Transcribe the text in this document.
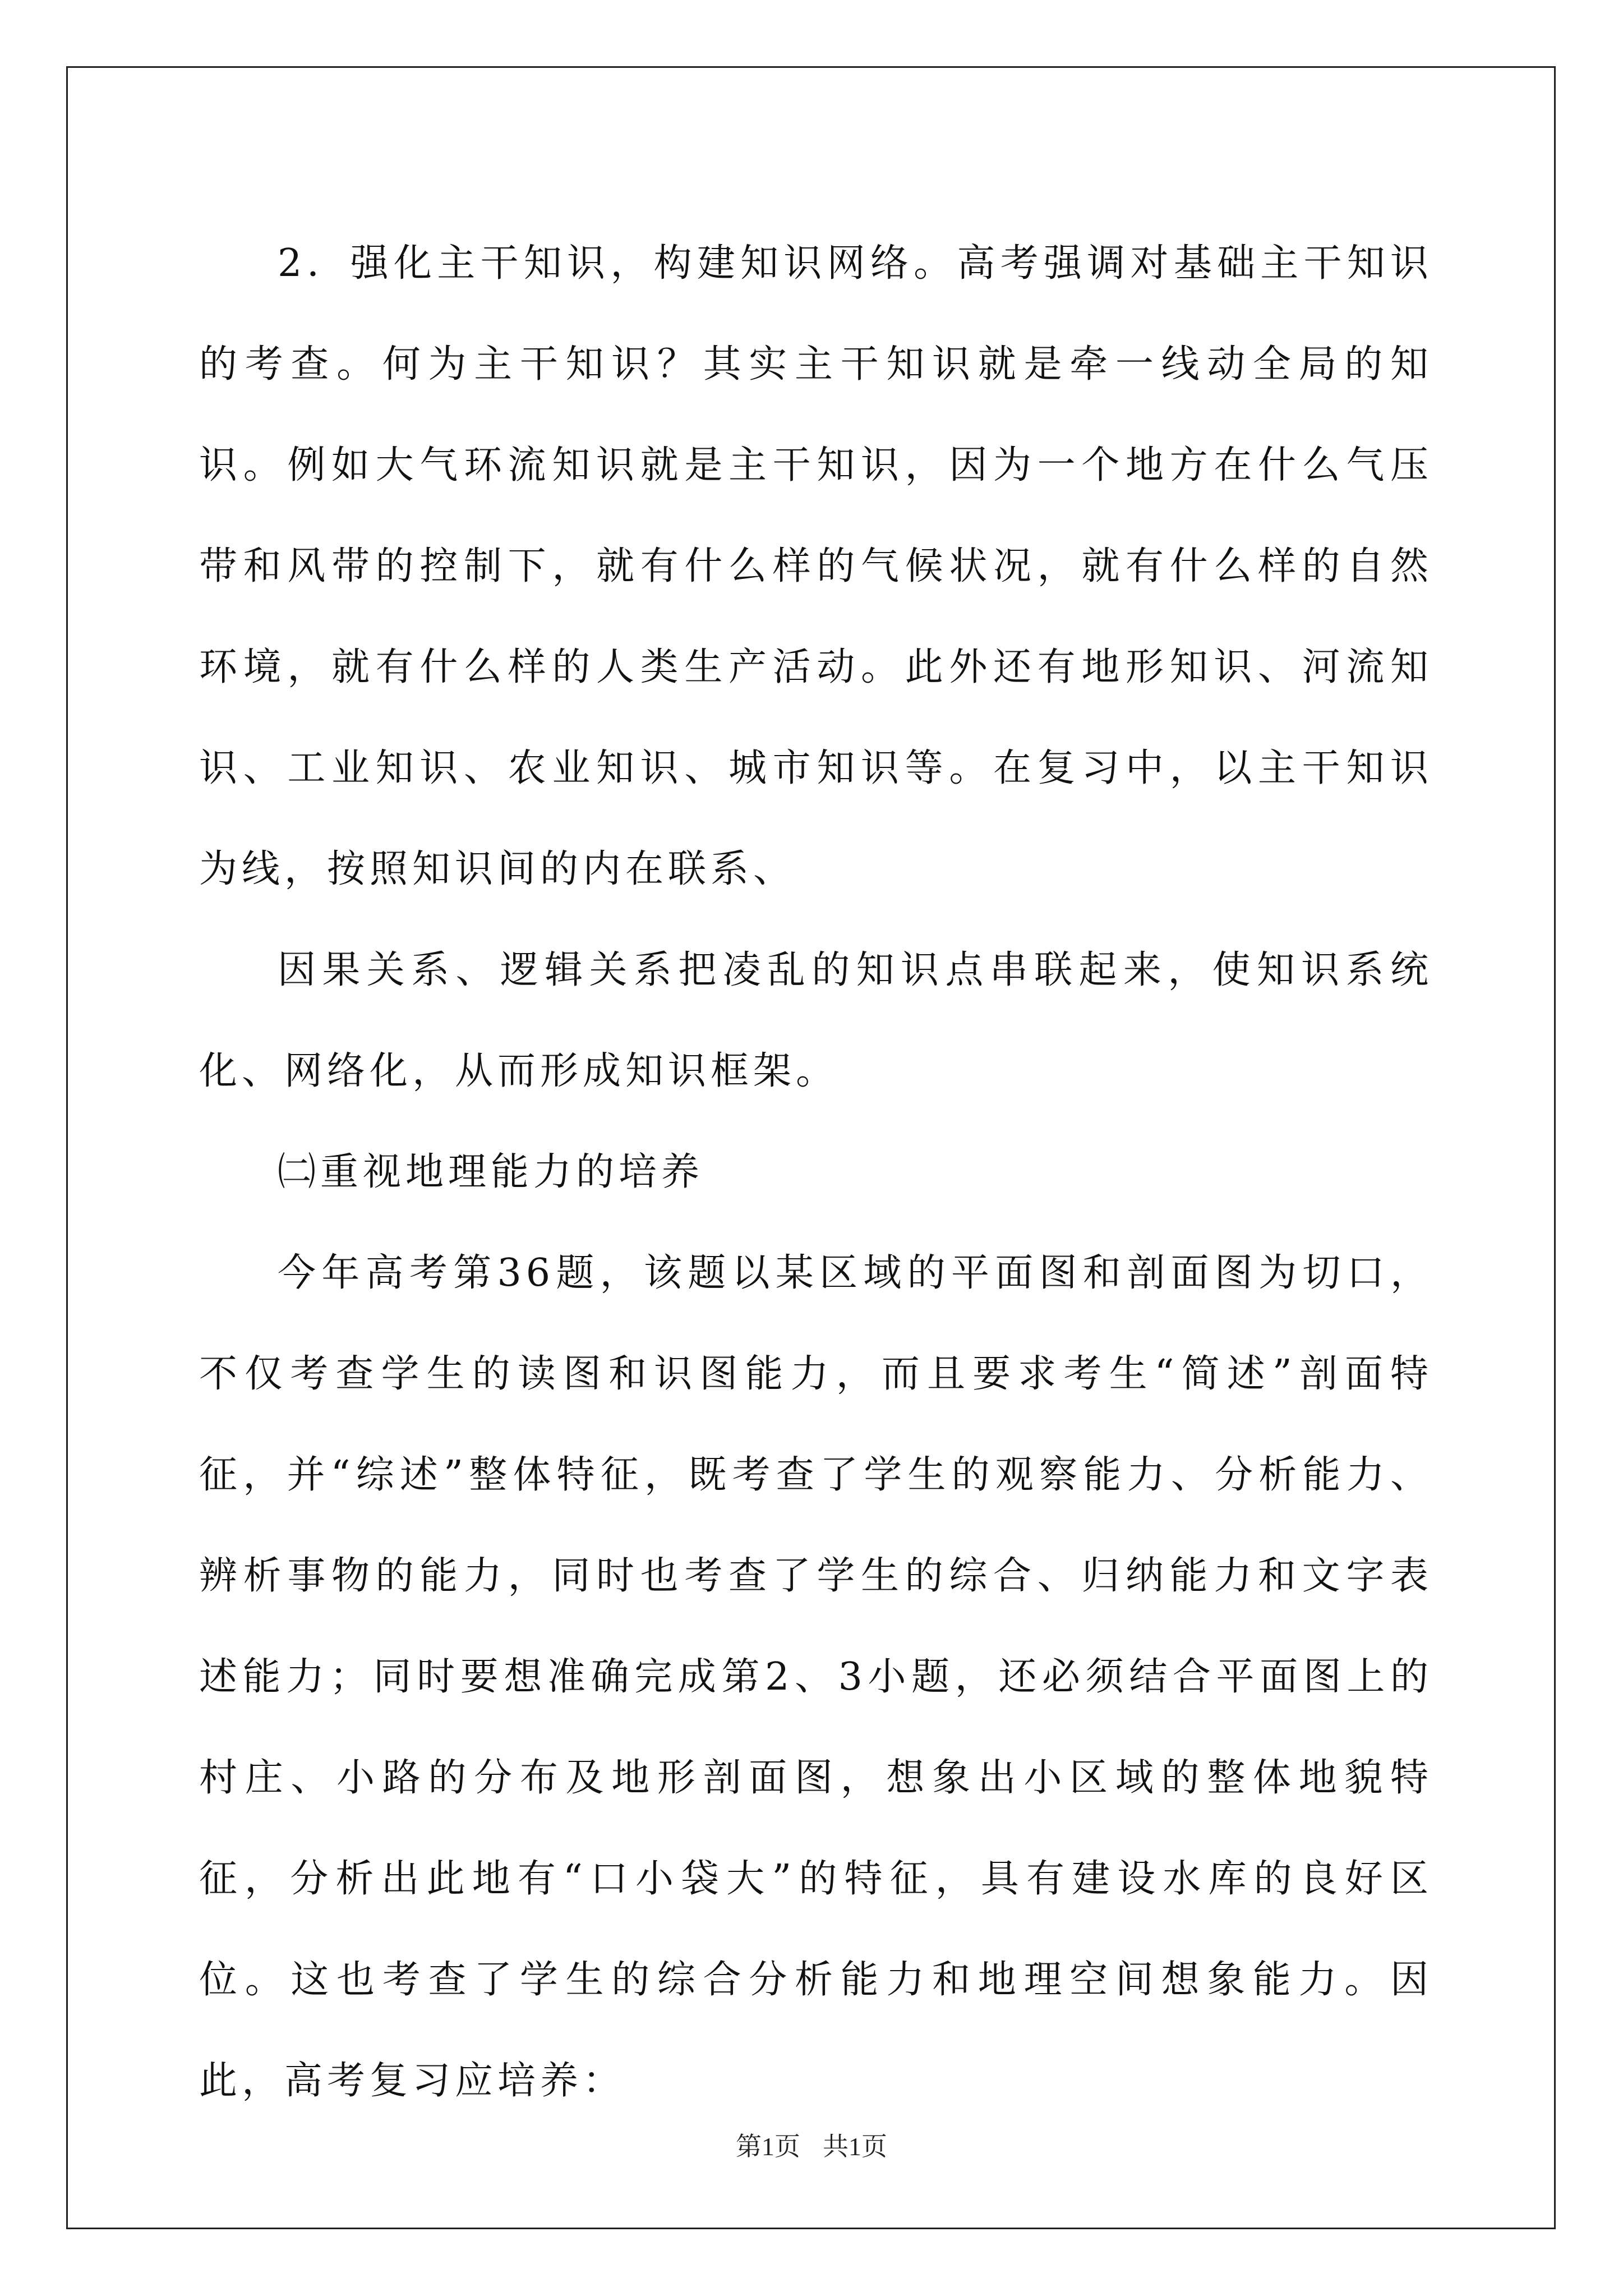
2．强化主干知识，构建知识网络。高考强调对基础主干知识的考查。何为主干知识？其实主干知识就是牵一线动全局的知识。例如大气环流知识就是主干知识，因为一个地方在什么气压带和风带的控制下，就有什么样的气候状况，就有什么样的自然环境，就有什么样的人类生产活动。此外还有地形知识、河流知识、工业知识、农业知识、城市知识等。在复习中，以主干知识为线，按照知识间的内在联系、

因果关系、逻辑关系把凌乱的知识点串联起来，使知识系统化、网络化，从而形成知识框架。

㈡重视地理能力的培养

今年高考第36题，该题以某区域的平面图和剖面图为切口，不仅考查学生的读图和识图能力，而且要求考生“简述”剖面特征，并“综述”整体特征，既考查了学生的观察能力、分析能力、辨析事物的能力，同时也考查了学生的综合、归纳能力和文字表述能力；同时要想准确完成第2、3小题，还必须结合平面图上的村庄、小路的分布及地形剖面图，想象出小区域的整体地貌特征，分析出此地有“口小袋大”的特征，具有建设水库的良好区位。这也考查了学生的综合分析能力和地理空间想象能力。因此，高考复习应培养：

第1页 共1页
